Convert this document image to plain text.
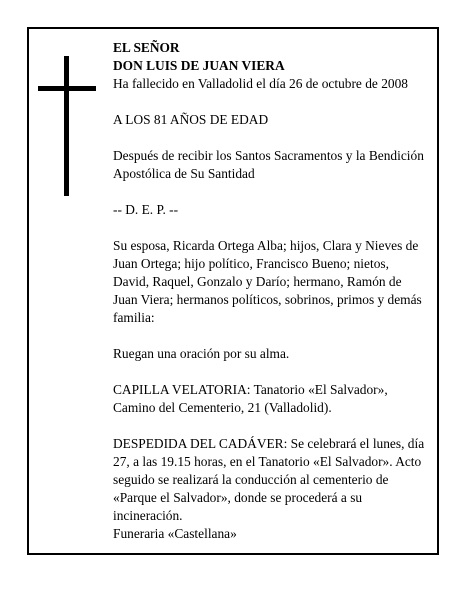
EL SEÑOR

DON LUIS DE JUAN VIERA

Ha fallecido en Valladolid el día 26 de octubre de 2008

A LOS 81 AÑOS DE EDAD

Después de recibir los Santos Sacramentos y la Bendición Apostólica de Su Santidad

-- D. E. P. --

Su esposa, Ricarda Ortega Alba; hijos, Clara y Nieves de Juan Ortega; hijo político, Francisco Bueno; nietos, David, Raquel, Gonzalo y Darío; hermano, Ramón de Juan Viera; hermanos políticos, sobrinos, primos y demás familia:

Ruegan una oración por su alma.

CAPILLA VELATORIA: Tanatorio «El Salvador», Camino del Cementerio, 21 (Valladolid).

DESPEDIDA DEL CADÁVER: Se celebrará el lunes, día 27, a las 19.15 horas, en el Tanatorio «El Salvador». Acto seguido se realizará la conducción al cementerio de «Parque el Salvador», donde se procederá a su incineración.

Funeraria «Castellana»
